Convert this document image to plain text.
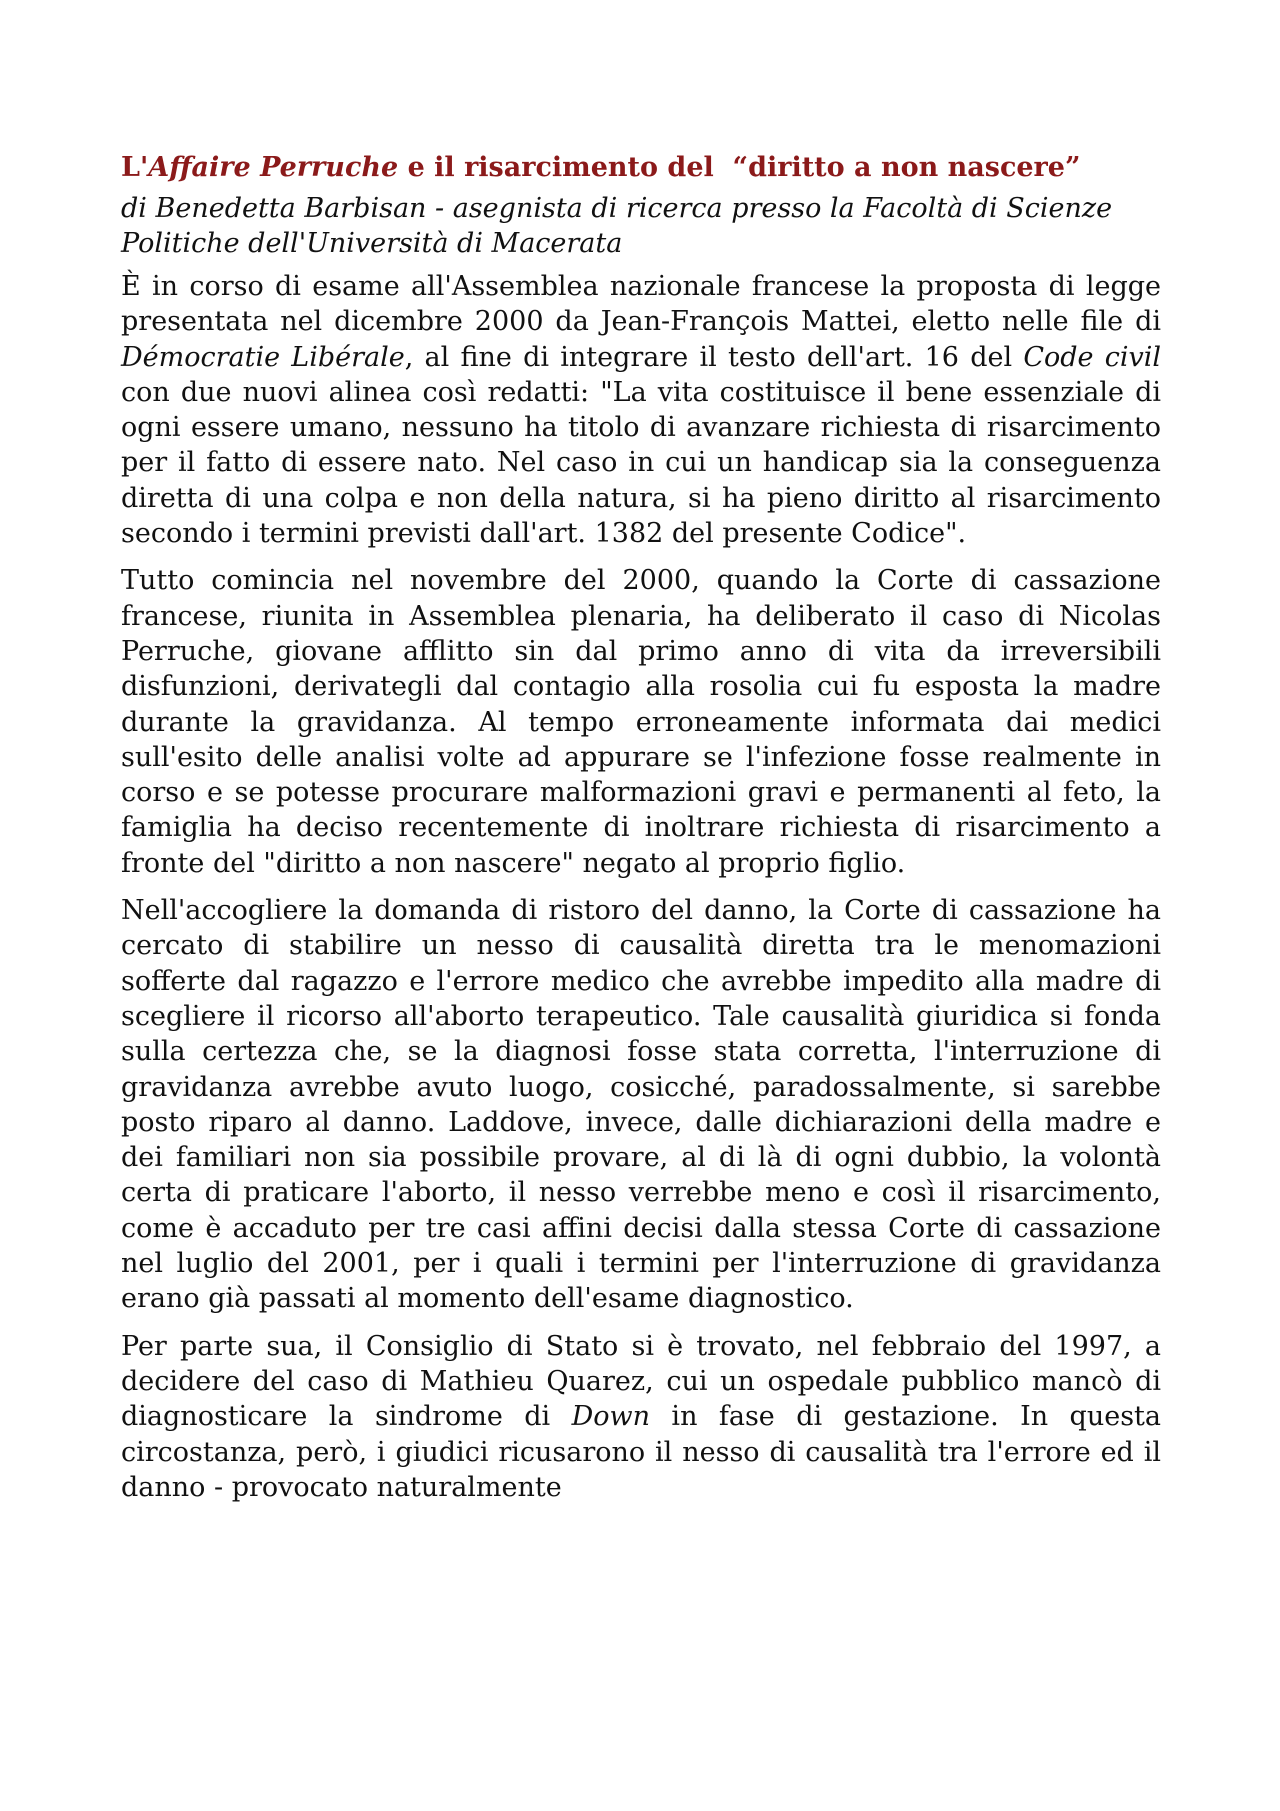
L'Affaire Perruche e il risarcimento del  “diritto a non nascere”
di Benedetta Barbisan - asegnista di ricerca presso la Facoltà di Scienze Politiche dell'Università di Macerata

È in corso di esame all'Assemblea nazionale francese la proposta di legge presentata nel dicembre 2000 da Jean-François Mattei, eletto nelle file di Démocratie Libérale, al fine di integrare il testo dell'art. 16 del Code civil con due nuovi alinea così redatti: "La vita costituisce il bene essenziale di ogni essere umano, nessuno ha titolo di avanzare richiesta di risarcimento per il fatto di essere nato. Nel caso in cui un handicap sia la conseguenza diretta di una colpa e non della natura, si ha pieno diritto al risarcimento secondo i termini previsti dall'art. 1382 del presente Codice".

Tutto comincia nel novembre del 2000, quando la Corte di cassazione francese, riunita in Assemblea plenaria, ha deliberato il caso di Nicolas Perruche, giovane afflitto sin dal primo anno di vita da irreversibili disfunzioni, derivategli dal contagio alla rosolia cui fu esposta la madre durante la gravidanza. Al tempo erroneamente informata dai medici sull'esito delle analisi volte ad appurare se l'infezione fosse realmente in corso e se potesse procurare malformazioni gravi e permanenti al feto, la famiglia ha deciso recentemente di inoltrare richiesta di risarcimento a fronte del "diritto a non nascere" negato al proprio figlio.

Nell'accogliere la domanda di ristoro del danno, la Corte di cassazione ha cercato di stabilire un nesso di causalità diretta tra le menomazioni sofferte dal ragazzo e l'errore medico che avrebbe impedito alla madre di scegliere il ricorso all'aborto terapeutico. Tale causalità giuridica si fonda sulla certezza che, se la diagnosi fosse stata corretta, l'interruzione di gravidanza avrebbe avuto luogo, cosicché, paradossalmente, si sarebbe posto riparo al danno. Laddove, invece, dalle dichiarazioni della madre e dei familiari non sia possibile provare, al di là di ogni dubbio, la volontà certa di praticare l'aborto, il nesso verrebbe meno e così il risarcimento, come è accaduto per tre casi affini decisi dalla stessa Corte di cassazione nel luglio del 2001, per i quali i termini per l'interruzione di gravidanza erano già passati al momento dell'esame diagnostico.

Per parte sua, il Consiglio di Stato si è trovato, nel febbraio del 1997, a decidere del caso di Mathieu Quarez, cui un ospedale pubblico mancò di diagnosticare la sindrome di Down in fase di gestazione. In questa circostanza, però, i giudici ricusarono il nesso di causalità tra l'errore ed il danno - provocato naturalmente
